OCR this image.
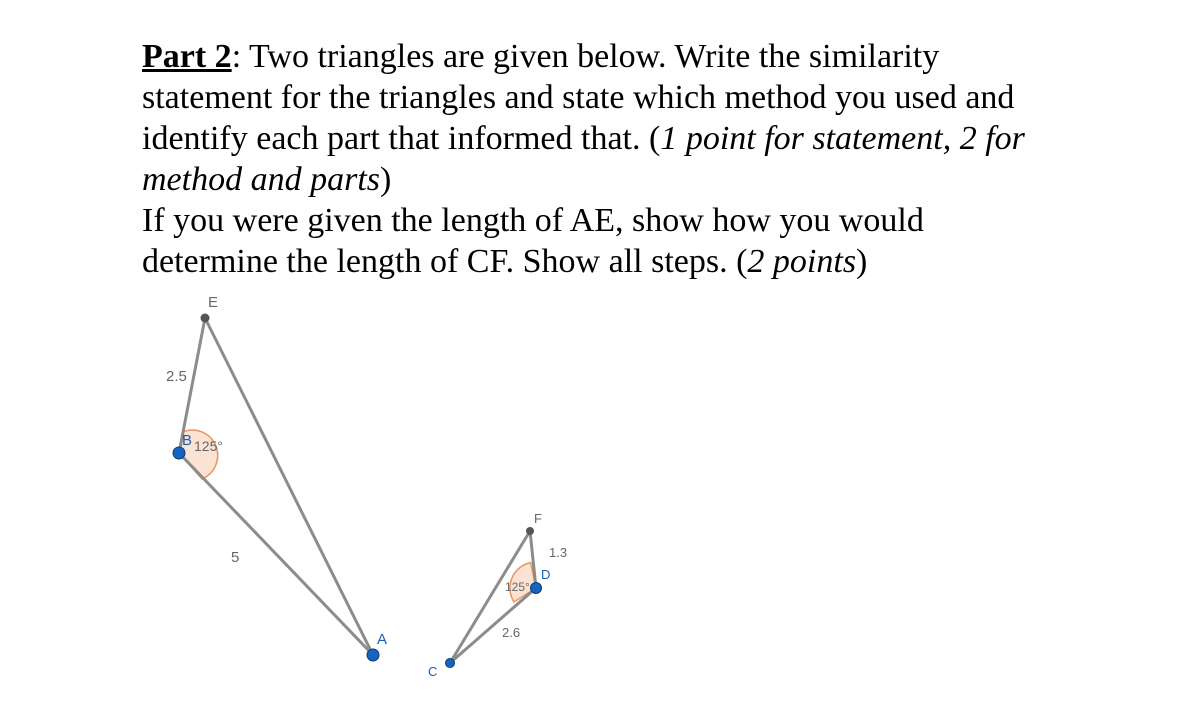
Part 2: Two triangles are given below. Write the similarity
statement for the triangles and state which method you used and
identify each part that informed that. (1 point for statement, 2 for
method and parts)
If you were given the length of AE, show how you would
determine the length of CF. Show all steps. (2 points)
E
B
A
2.5
5
125°
F
D
C
1.3
2.6
125°
